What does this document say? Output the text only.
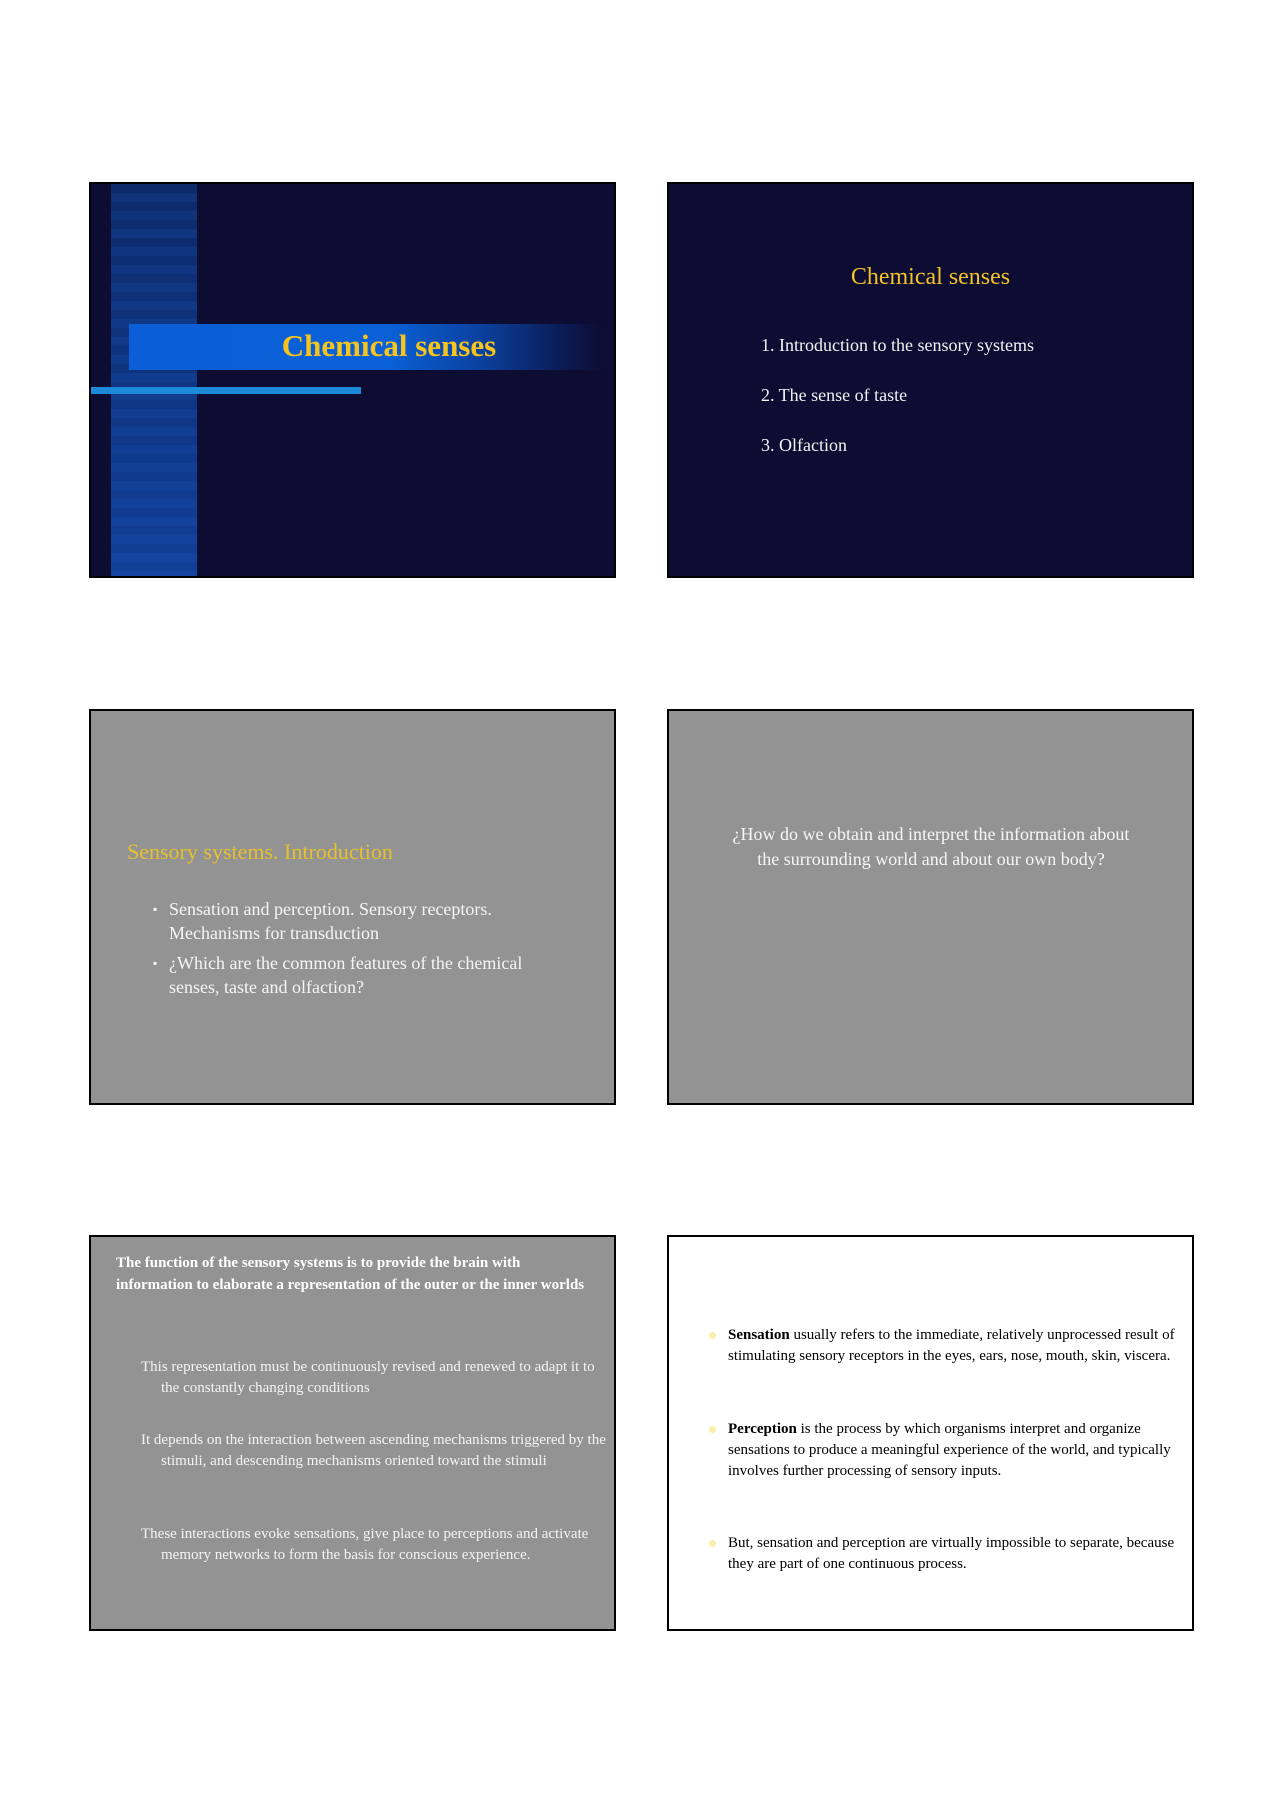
Chemical senses
Chemical senses
1. Introduction to the sensory systems
2. The sense of taste
3. Olfaction
Sensory systems. Introduction
▪ Sensation and perception. Sensory receptors. Mechanisms for transduction
▪ ¿Which are the common features of the chemical senses, taste and olfaction?
¿How do we obtain and interpret the information about the surrounding world and about our own body?
The function of the sensory systems is to provide the brain with information to elaborate a representation of the outer or the inner worlds
This representation must be continuously revised and renewed to adapt it to the constantly changing conditions
It depends on the interaction between ascending mechanisms triggered by the stimuli, and descending mechanisms oriented toward the stimuli
These interactions evoke sensations, give place to perceptions and activate memory networks to form the basis for conscious experience.
Sensation usually refers to the immediate, relatively unprocessed result of stimulating sensory receptors in the eyes, ears, nose, mouth, skin, viscera.
Perception is the process by which organisms interpret and organize sensations to produce a meaningful experience of the world, and typically involves further processing of sensory inputs.
But, sensation and perception are virtually impossible to separate, because they are part of one continuous process.
